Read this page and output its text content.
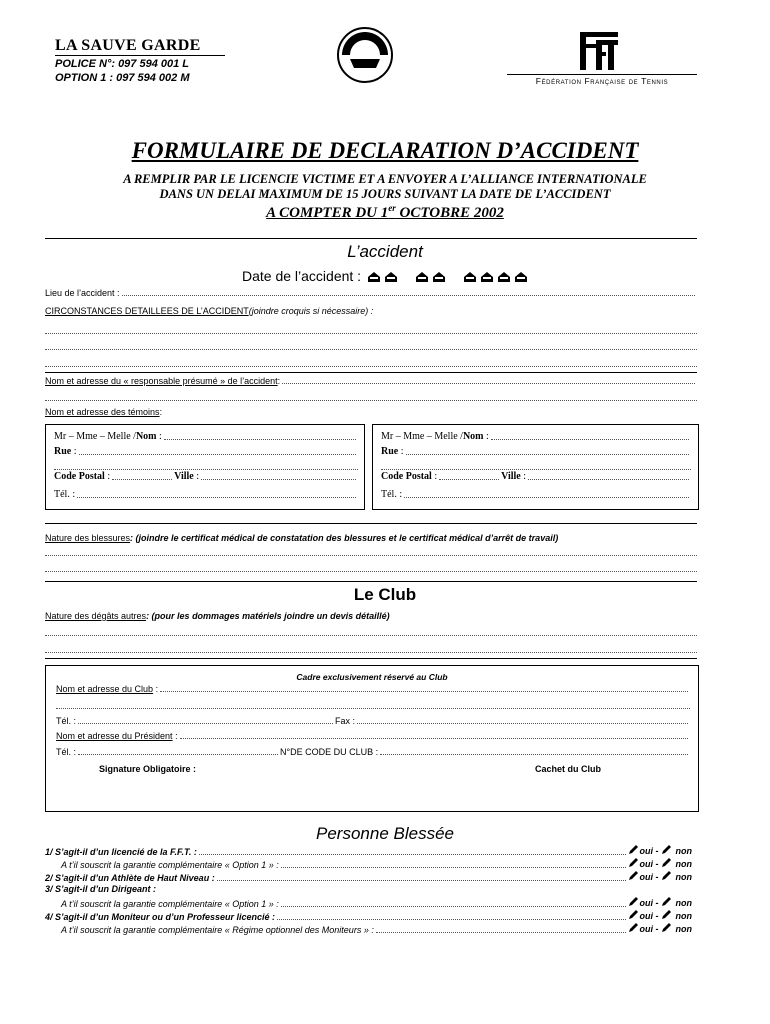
LA SAUVE GARDE
POLICE N°: 097 594 001 L
OPTION 1 : 097 594 002 M
aic
Fédération Française de Tennis
FORMULAIRE DE DECLARATION D’ACCIDENT
A REMPLIR PAR LE LICENCIE VICTIME ET A ENVOYER A L’ALLIANCE INTERNATIONALE
DANS UN DELAI MAXIMUM DE 15 JOURS SUIVANT LA DATE DE L’ACCIDENT
A COMPTER DU 1er OCTOBRE 2002
L’accident
Date de l’accident :
Lieu de l’accident :
CIRCONSTANCES DETAILLEES DE L’ACCIDENT (joindre croquis si nécessaire) :
Nom et adresse du « responsable présumé » de l’accident :
Nom et adresse des témoins :
Mr – Mme – Melle / Nom :
Rue :
Code Postal :	Ville :
Tél. :
Mr – Mme – Melle / Nom :
Rue :
Code Postal :	Ville :
Tél. :
Nature des blessures : (joindre le certificat médical de constatation des blessures et le certificat médical d’arrêt de travail)
Le Club
Nature des dégâts autres : (pour les dommages matériels joindre un devis détaillé)
Cadre exclusivement réservé au Club
Nom et adresse du Club :
Tél. :	Fax :
Nom et adresse du Président :
Tél. :	N°DE CODE DU CLUB :
Signature Obligatoire :	Cachet du Club
Personne Blessée
1/ S’agit-il d’un licencié de la F.F.T. :	oui - non
A t’il souscrit la garantie complémentaire « Option 1 » :	oui - non
2/ S’agit-il d’un Athlète de Haut Niveau :	oui - non
3/ S’agit-il d’un Dirigeant :
A t’il souscrit la garantie complémentaire « Option 1 » :	oui - non
4/ S’agit-il d’un Moniteur ou d’un Professeur licencié :	oui - non
A t’il souscrit la garantie complémentaire « Régime optionnel des Moniteurs » :	oui - non
